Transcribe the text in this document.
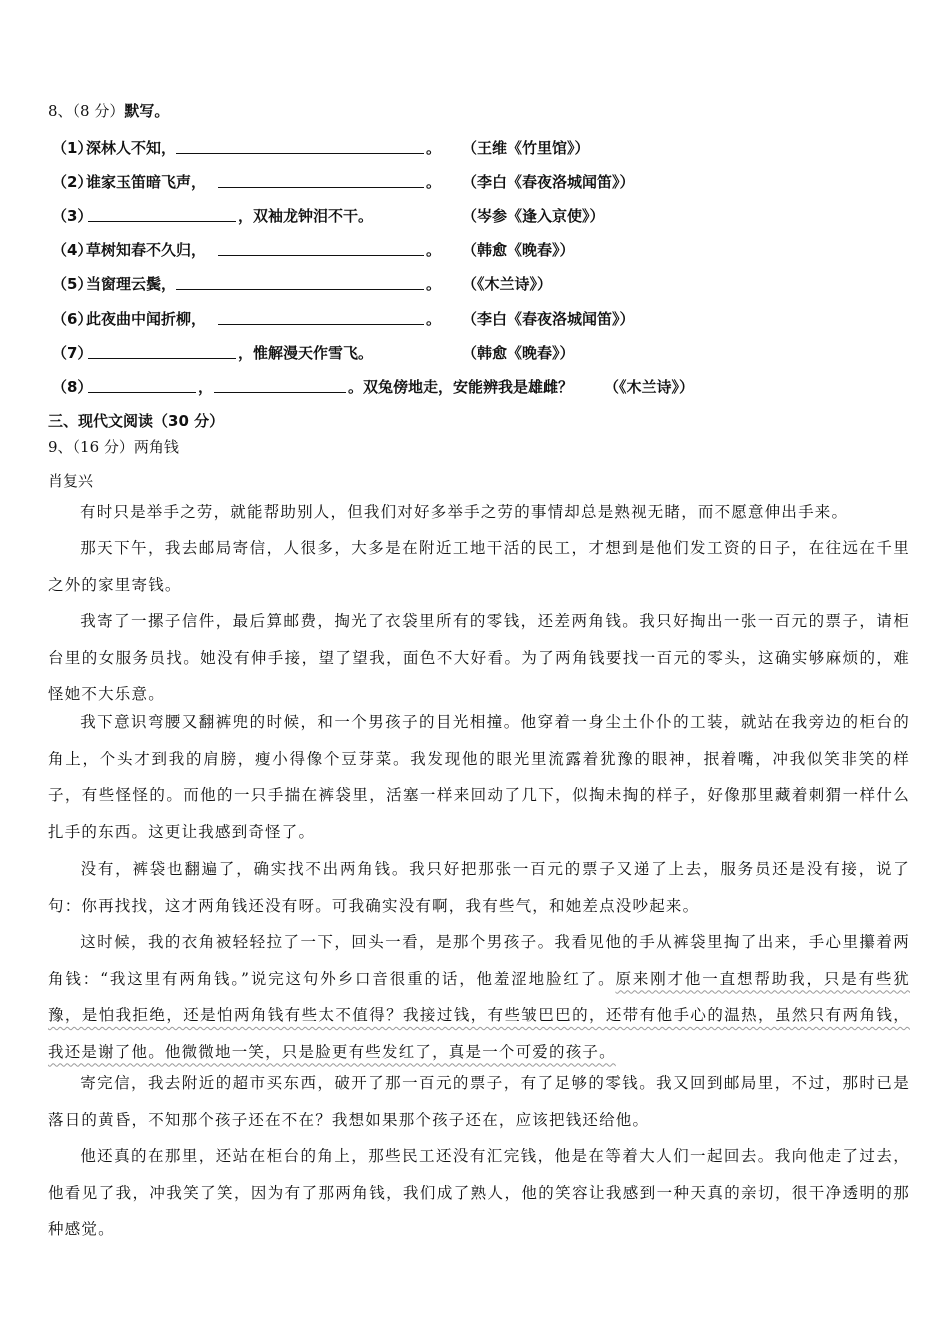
8、（8 分）默写。
（1）
深林人不知，	。 （王维《竹里馆》）
（2）
谁家玉笛暗飞声，	。 （李白《春夜洛城闻笛》）
（3）	，双袖龙钟泪不干。	（岑参《逢入京使》）
（4）
草树知春不久归，	。 （韩愈《晚春》）
（5）
当窗理云鬓，	。 （《木兰诗》）
（6）
此夜曲中闻折柳，	。 （李白《春夜洛城闻笛》）
（7）	，惟解漫天作雪飞。	（韩愈《晚春》）
（8）	，	。双兔傍地走，安能辨我是雄雌？ （《木兰诗》）
三、现代文阅读（30 分）
9、（16 分）两角钱
肖复兴
有时只是举手之劳，就能帮助别人，但我们对好多举手之劳的事情却总是熟视无睹，而不愿意伸出手来。
那天下午，我去邮局寄信，人很多，大多是在附近工地干活的民工，才想到是他们发工资的日子，在往远在千里之外的家里寄钱。
我寄了一摞子信件，最后算邮费，掏光了衣袋里所有的零钱，还差两角钱。我只好掏出一张一百元的票子，请柜台里的女服务员找。她没有伸手接，望了望我，面色不大好看。为了两角钱要找一百元的零头，这确实够麻烦的，难怪她不大乐意。
我下意识弯腰又翻裤兜的时候，和一个男孩子的目光相撞。他穿着一身尘土仆仆的工装，就站在我旁边的柜台的角上，个头才到我的肩膀，瘦小得像个豆芽菜。我发现他的眼光里流露着犹豫的眼神，抿着嘴，冲我似笑非笑的样子，有些怪怪的。而他的一只手揣在裤袋里，活塞一样来回动了几下，似掏未掏的样子，好像那里藏着刺猬一样什么扎手的东西。这更让我感到奇怪了。
没有，裤袋也翻遍了，确实找不出两角钱。我只好把那张一百元的票子又递了上去，服务员还是没有接，说了句：你再找找，这才两角钱还没有呀。可我确实没有啊，我有些气，和她差点没吵起来。
这时候，我的衣角被轻轻拉了一下，回头一看，是那个男孩子。我看见他的手从裤袋里掏了出来，手心里攥着两角钱：“我这里有两角钱。”说完这句外乡口音很重的话，他羞涩地脸红了。原来刚才他一直想帮助我，只是有些犹豫，是怕我拒绝，还是怕两角钱有些太不值得？我接过钱，有些皱巴巴的，还带有他手心的温热，虽然只有两角钱，我还是谢了他。他微微地一笑，只是脸更有些发红了，真是一个可爱的孩子。
寄完信，我去附近的超市买东西，破开了那一百元的票子，有了足够的零钱。我又回到邮局里，不过，那时已是落日的黄昏，不知那个孩子还在不在？我想如果那个孩子还在，应该把钱还给他。
他还真的在那里，还站在柜台的角上，那些民工还没有汇完钱，他是在等着大人们一起回去。我向他走了过去，他看见了我，冲我笑了笑，因为有了那两角钱，我们成了熟人，他的笑容让我感到一种天真的亲切，很干净透明的那种感觉。
